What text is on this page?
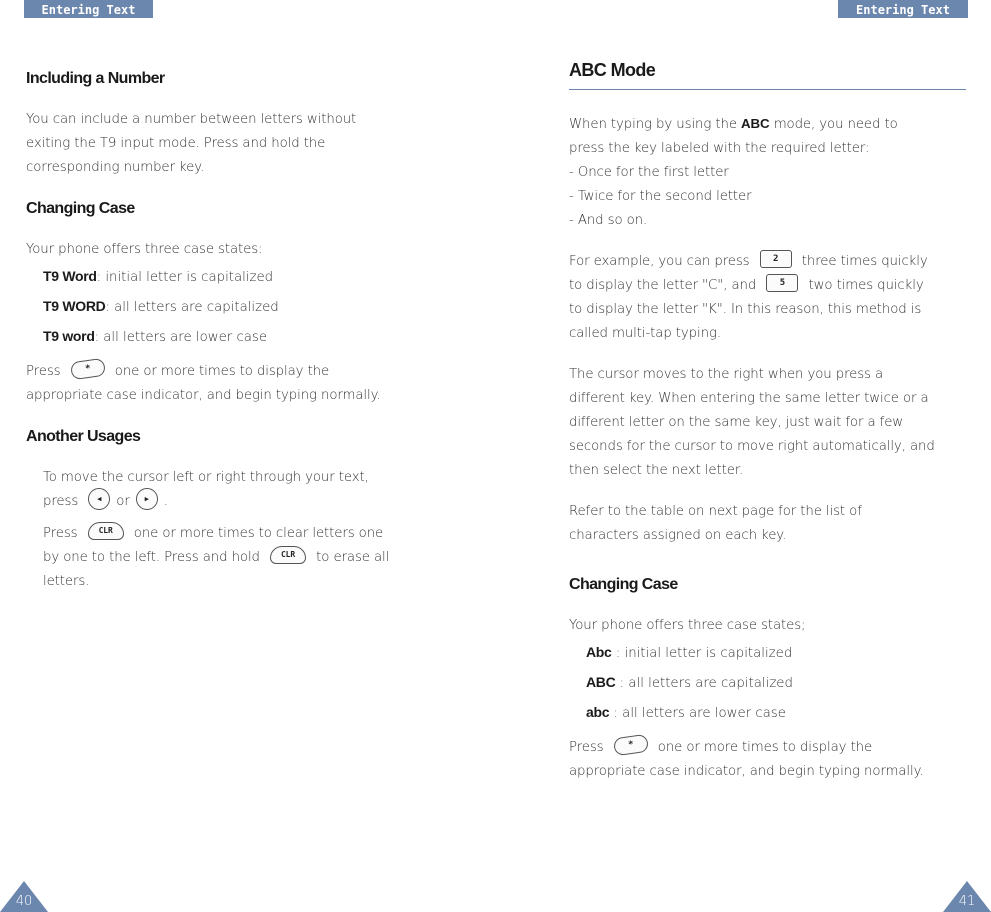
Entering Text
Including a Number

You can include a number between letters without

exiting the T9 input mode. Press and hold the

corresponding number key.

Changing Case

Your phone offers three case states:

T9 Word: initial letter is capitalized
T9 WORD: all letters are capitalized
T9 word: all letters are lower case

Press	* one or more times to display the

appropriate case indicator, and begin typing normally.

Another Usages

To move the cursor left or right through your text,

press ◂ or ▸ .

Press	CLR one or more times to clear letters one

by one to the left. Press and hold	CLR to erase all

letters.

40
Entering Text
ABC Mode

When typing by using the ABC mode, you need to

press the key labeled with the required letter:

- Once for the first letter

- Twice for the second letter

- And so on.

For example, you can press	2 three times quickly

to display the letter "C", and	5 two times quickly

to display the letter "K". In this reason, this method is

called multi-tap typing.

The cursor moves to the right when you press a

different key. When entering the same letter twice or a

different letter on the same key, just wait for a few

seconds for the cursor to move right automatically, and

then select the next letter.

Refer to the table on next page for the list of

characters assigned on each key.

Changing Case

Your phone offers three case states;

Abc : initial letter is capitalized
ABC : all letters are capitalized
abc : all letters are lower case

Press	* one or more times to display the

appropriate case indicator, and begin typing normally.

41
